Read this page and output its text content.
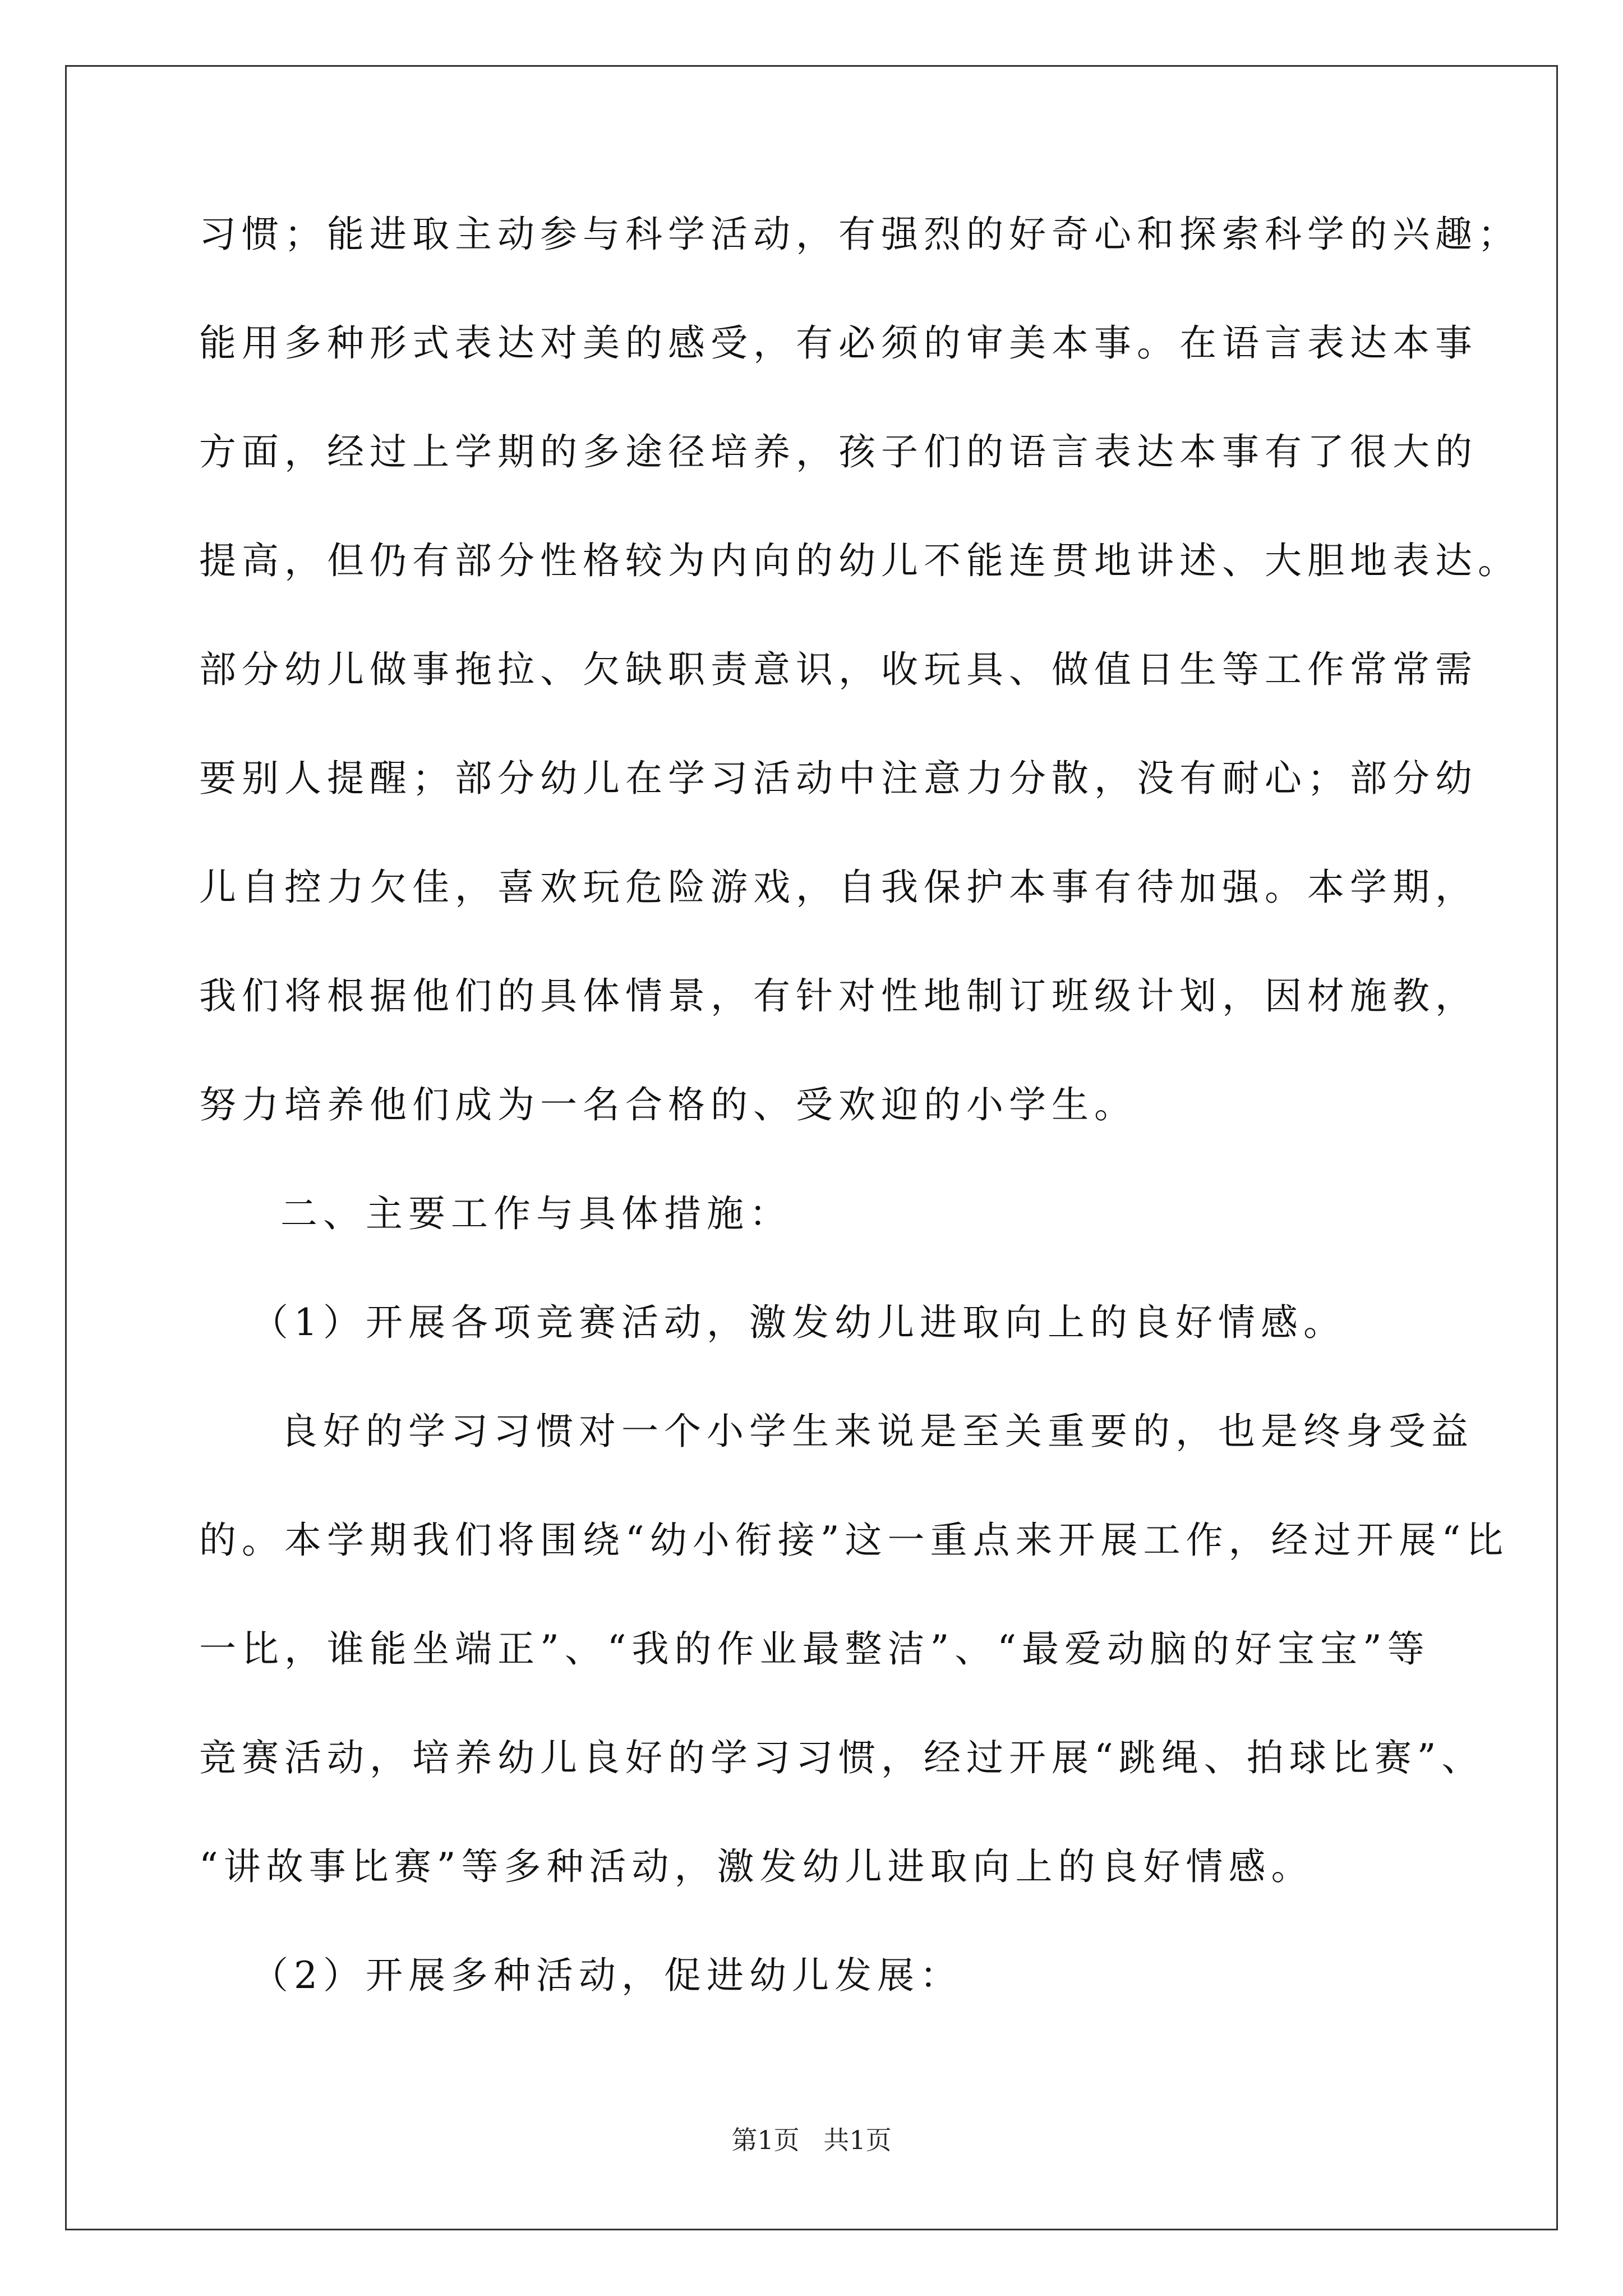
习惯；能进取主动参与科学活动，有强烈的好奇心和探索科学的兴趣；
能用多种形式表达对美的感受，有必须的审美本事。在语言表达本事
方面，经过上学期的多途径培养，孩子们的语言表达本事有了很大的
提高，但仍有部分性格较为内向的幼儿不能连贯地讲述、大胆地表达。
部分幼儿做事拖拉、欠缺职责意识，收玩具、做值日生等工作常常需
要别人提醒；部分幼儿在学习活动中注意力分散，没有耐心；部分幼
儿自控力欠佳，喜欢玩危险游戏，自我保护本事有待加强。本学期，
我们将根据他们的具体情景，有针对性地制订班级计划，因材施教，
努力培养他们成为一名合格的、受欢迎的小学生。
二、主要工作与具体措施：
（1）开展各项竞赛活动，激发幼儿进取向上的良好情感。
良好的学习习惯对一个小学生来说是至关重要的，也是终身受益
的。本学期我们将围绕“幼小衔接”这一重点来开展工作，经过开展“比
一比，谁能坐端正”、“我的作业最整洁”、“最爱动脑的好宝宝”等
竞赛活动，培养幼儿良好的学习习惯，经过开展“跳绳、拍球比赛”、
“讲故事比赛”等多种活动，激发幼儿进取向上的良好情感。
（2）开展多种活动，促进幼儿发展：
第1页 共1页
